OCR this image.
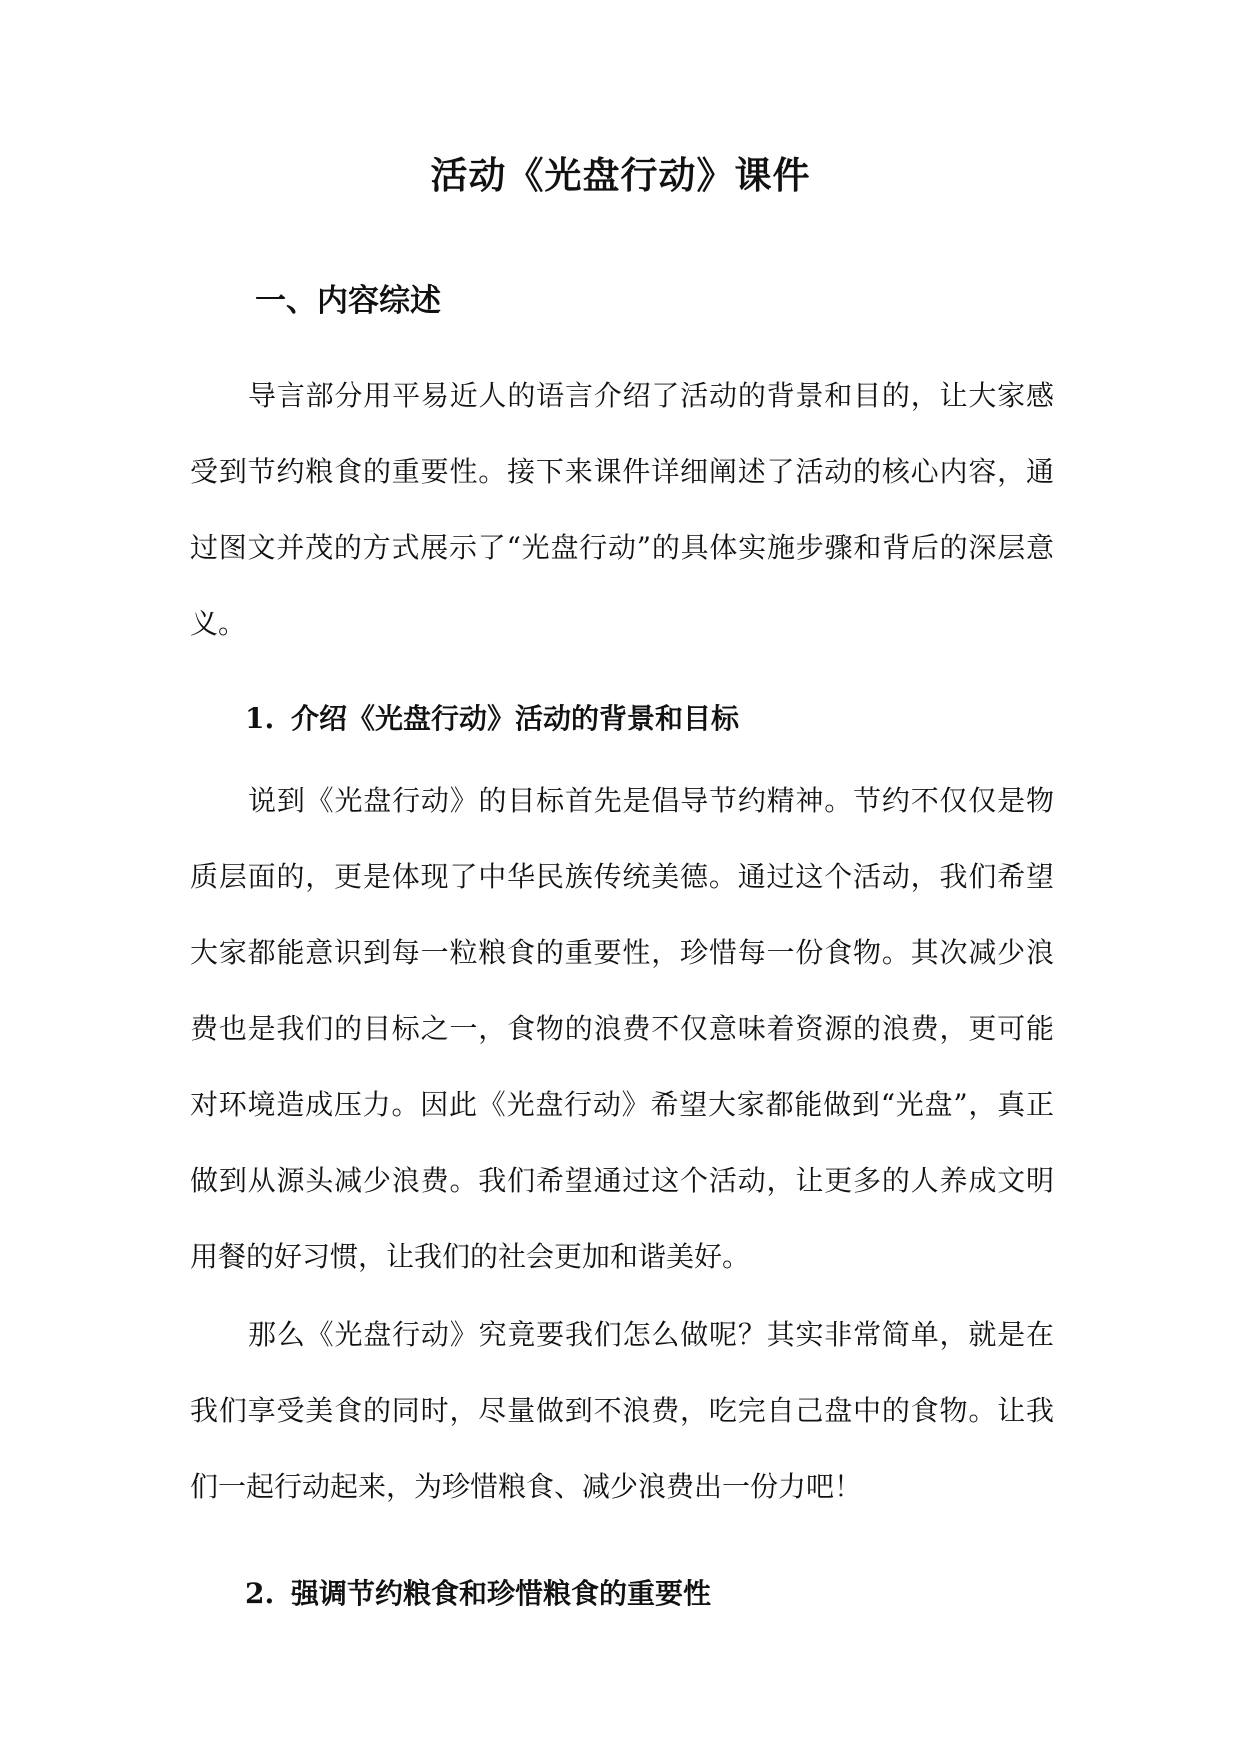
活动《光盘行动》课件
一、内容综述

导言部分用平易近人的语言介绍了活动的背景和目的，让大家感受到节约粮食的重要性。接下来课件详细阐述了活动的核心内容，通过图文并茂的方式展示了“光盘行动”的具体实施步骤和背后的深层意义。

1. 介绍《光盘行动》活动的背景和目标

说到《光盘行动》的目标首先是倡导节约精神。节约不仅仅是物质层面的，更是体现了中华民族传统美德。通过这个活动，我们希望大家都能意识到每一粒粮食的重要性，珍惜每一份食物。其次减少浪费也是我们的目标之一，食物的浪费不仅意味着资源的浪费，更可能对环境造成压力。因此《光盘行动》希望大家都能做到“光盘”，真正做到从源头减少浪费。我们希望通过这个活动，让更多的人养成文明用餐的好习惯，让我们的社会更加和谐美好。

那么《光盘行动》究竟要我们怎么做呢？其实非常简单，就是在我们享受美食的同时，尽量做到不浪费，吃完自己盘中的食物。让我们一起行动起来，为珍惜粮食、减少浪费出一份力吧！

2. 强调节约粮食和珍惜粮食的重要性
